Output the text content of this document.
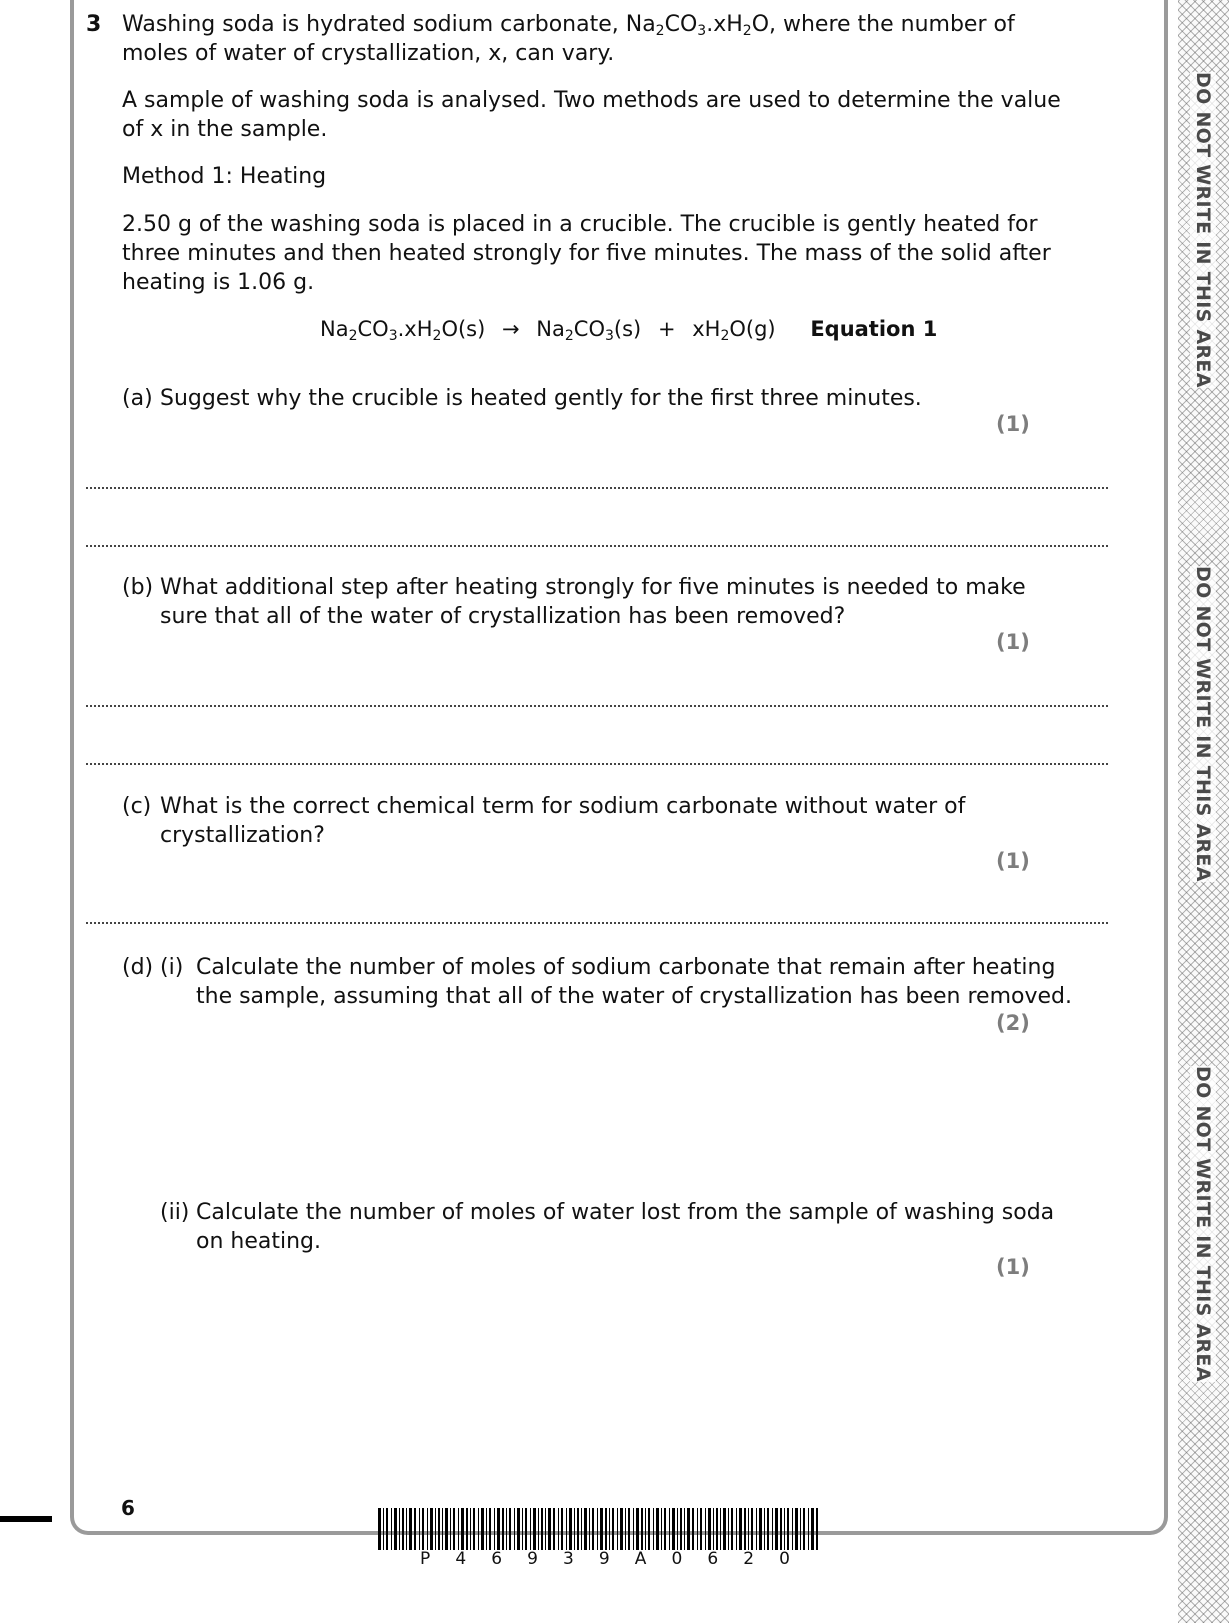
DO NOT WRITE IN THIS AREA
DO NOT WRITE IN THIS AREA
DO NOT WRITE IN THIS AREA
3 Washing soda is hydrated sodium carbonate, $Na_2CO_3.xH_2O$, where the number of
moles of water of crystallization, x, can vary.
A sample of washing soda is analysed. Two methods are used to determine the value
of x in the sample.
Method 1: Heating
2.50 g of the washing soda is placed in a crucible. The crucible is gently heated for
three minutes and then heated strongly for five minutes. The mass of the solid after
heating is 1.06 g.
$Na_2CO_3.xH_2O(s) \to Na_2CO_3(s) + xH_2O(g)$ Equation 1
(a) Suggest why the crucible is heated gently for the first three minutes.
(1)
(b) What additional step after heating strongly for five minutes is needed to make
sure that all of the water of crystallization has been removed?
(1)
(c) What is the correct chemical term for sodium carbonate without water of
crystallization?
(1)
(d) (i) Calculate the number of moles of sodium carbonate that remain after heating
the sample, assuming that all of the water of crystallization has been removed.
(2)
(ii) Calculate the number of moles of water lost from the sample of washing soda
on heating.
(1)
6
P 4 6 9 3 9 A 0 6 2 0
